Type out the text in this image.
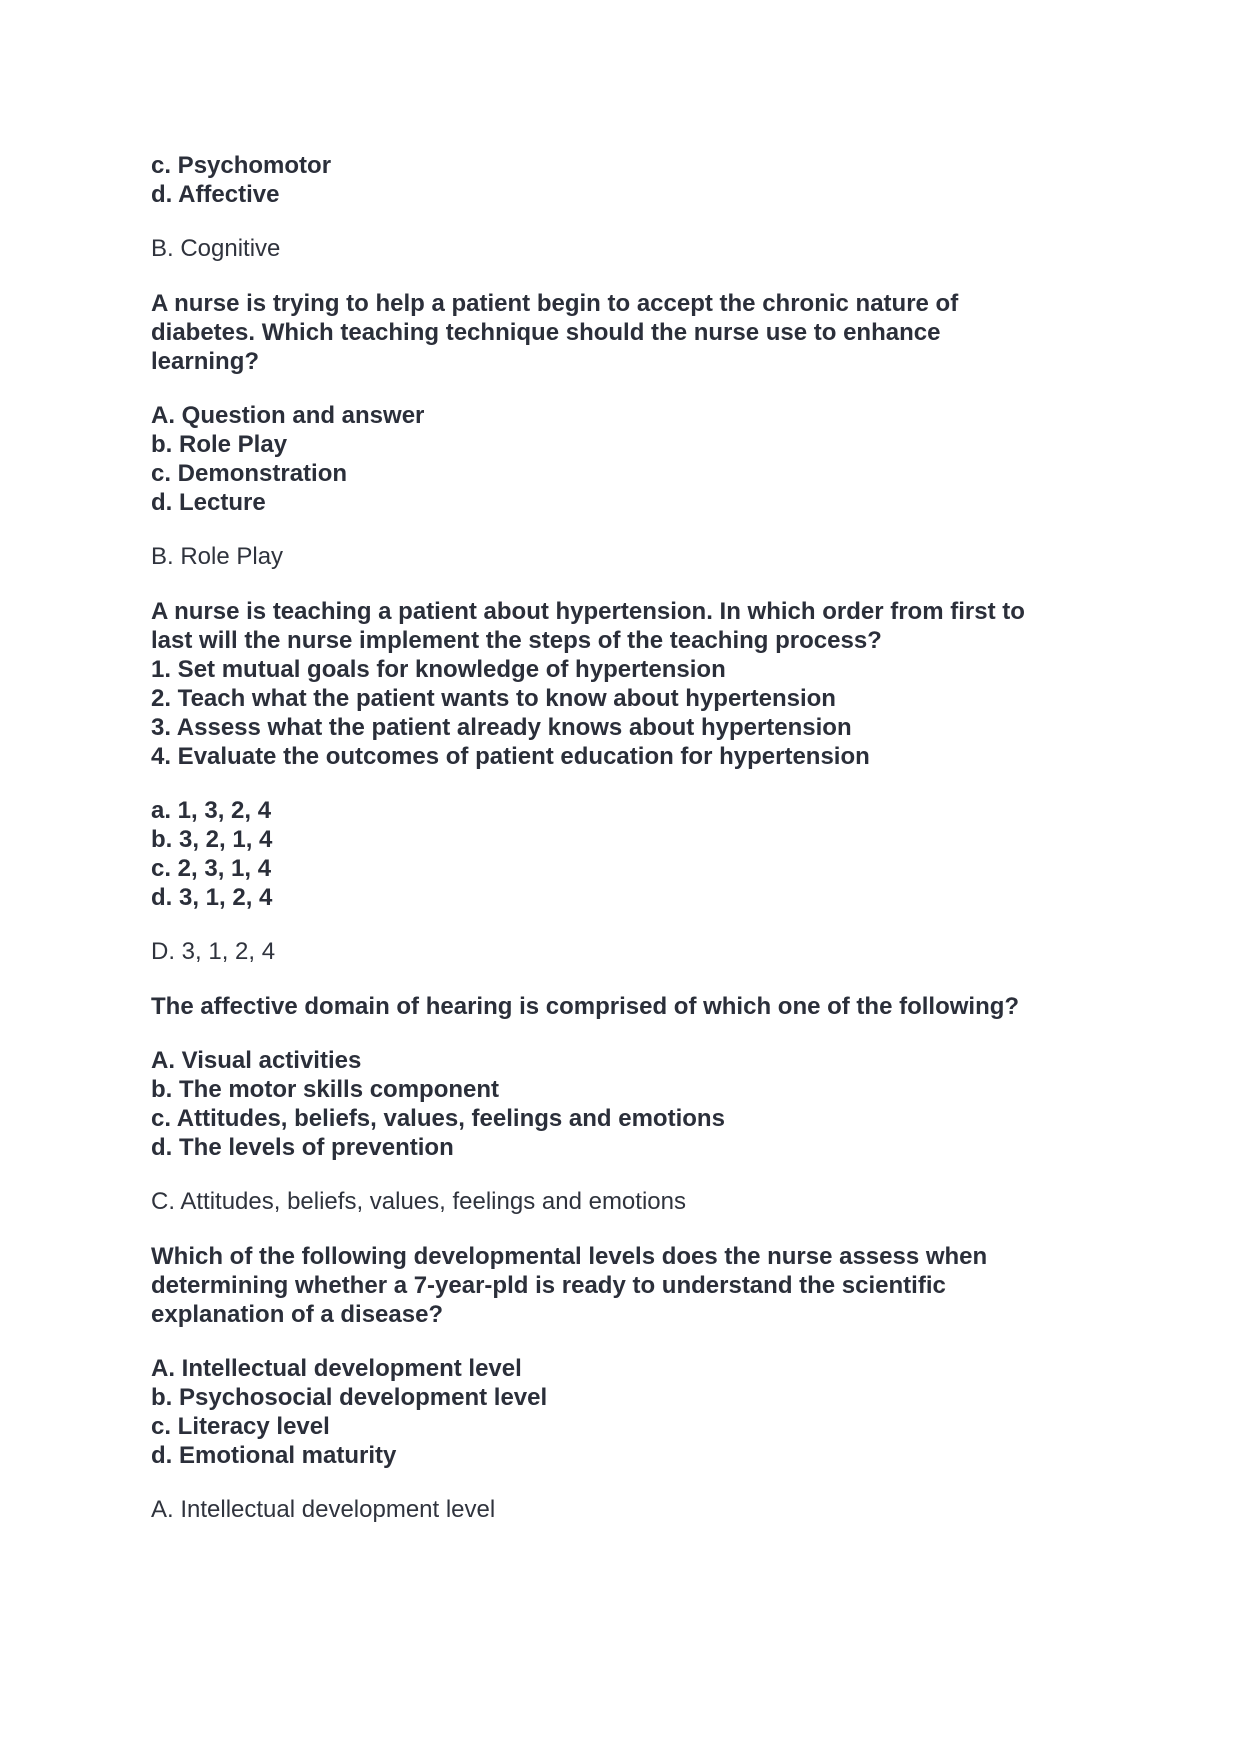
c. Psychomotor
d. Affective
B. Cognitive
A nurse is trying to help a patient begin to accept the chronic nature of
diabetes. Which teaching technique should the nurse use to enhance
learning?
A. Question and answer
b. Role Play
c. Demonstration
d. Lecture
B. Role Play
A nurse is teaching a patient about hypertension. In which order from first to
last will the nurse implement the steps of the teaching process?
1. Set mutual goals for knowledge of hypertension
2. Teach what the patient wants to know about hypertension
3. Assess what the patient already knows about hypertension
4. Evaluate the outcomes of patient education for hypertension
a. 1, 3, 2, 4
b. 3, 2, 1, 4
c. 2, 3, 1, 4
d. 3, 1, 2, 4
D. 3, 1, 2, 4
The affective domain of hearing is comprised of which one of the following?
A. Visual activities
b. The motor skills component
c. Attitudes, beliefs, values, feelings and emotions
d. The levels of prevention
C. Attitudes, beliefs, values, feelings and emotions
Which of the following developmental levels does the nurse assess when
determining whether a 7-year-pld is ready to understand the scientific
explanation of a disease?
A. Intellectual development level
b. Psychosocial development level
c. Literacy level
d. Emotional maturity
A. Intellectual development level
